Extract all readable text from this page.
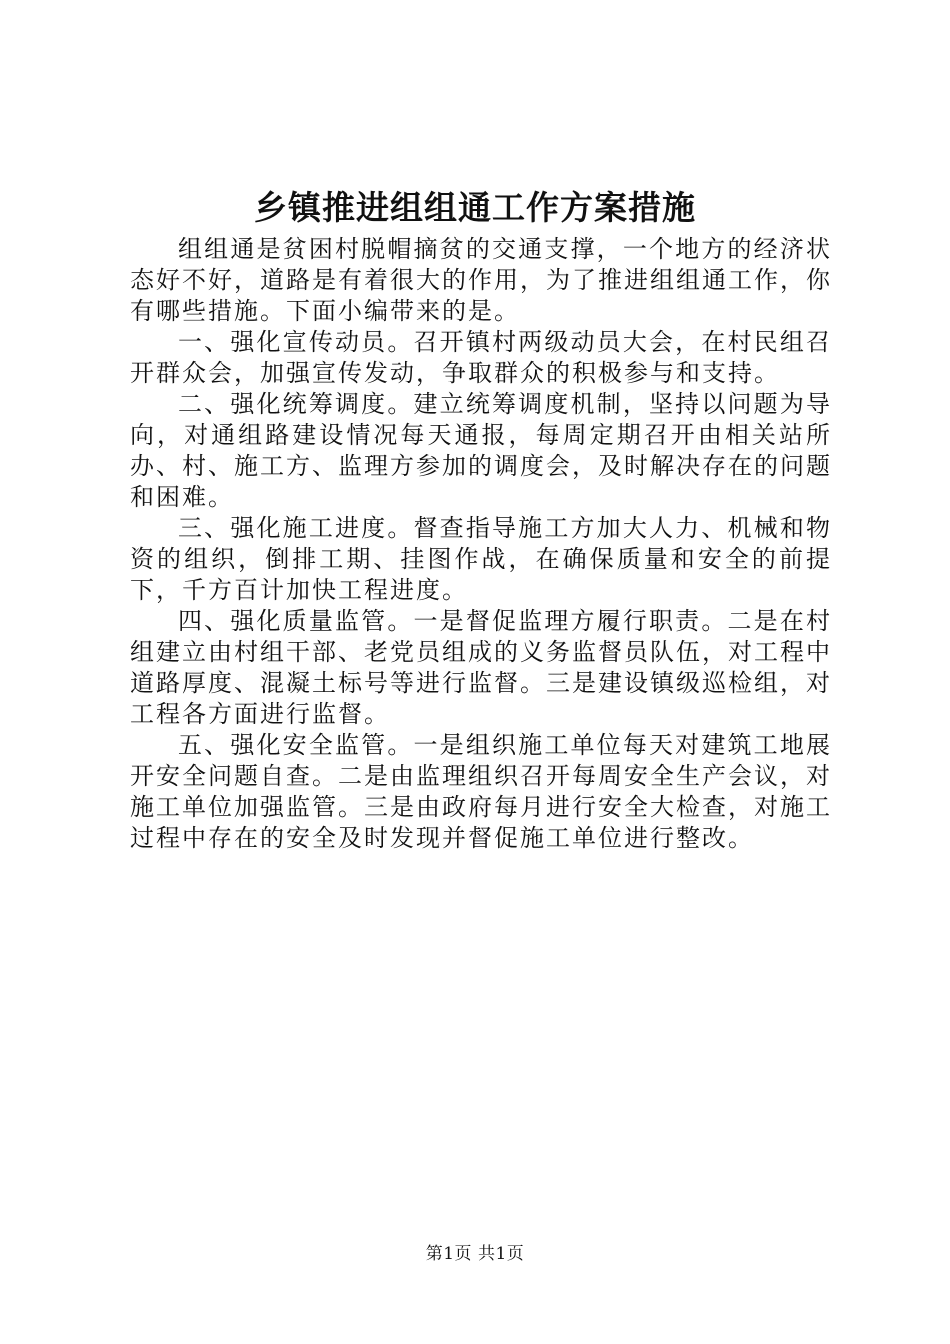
乡镇推进组组通工作方案措施

组组通是贫困村脱帽摘贫的交通支撑，一个地方的经济状态好不好，道路是有着很大的作用，为了推进组组通工作，你有哪些措施。下面小编带来的是。

一、强化宣传动员。召开镇村两级动员大会，在村民组召开群众会，加强宣传发动，争取群众的积极参与和支持。

二、强化统筹调度。建立统筹调度机制，坚持以问题为导向，对通组路建设情况每天通报，每周定期召开由相关站所办、村、施工方、监理方参加的调度会，及时解决存在的问题和困难。

三、强化施工进度。督查指导施工方加大人力、机械和物资的组织，倒排工期、挂图作战，在确保质量和安全的前提下，千方百计加快工程进度。

四、强化质量监管。一是督促监理方履行职责。二是在村组建立由村组干部、老党员组成的义务监督员队伍，对工程中道路厚度、混凝土标号等进行监督。三是建设镇级巡检组，对工程各方面进行监督。

五、强化安全监管。一是组织施工单位每天对建筑工地展开安全问题自查。二是由监理组织召开每周安全生产会议，对施工单位加强监管。三是由政府每月进行安全大检查，对施工过程中存在的安全及时发现并督促施工单位进行整改。

第1页 共1页
